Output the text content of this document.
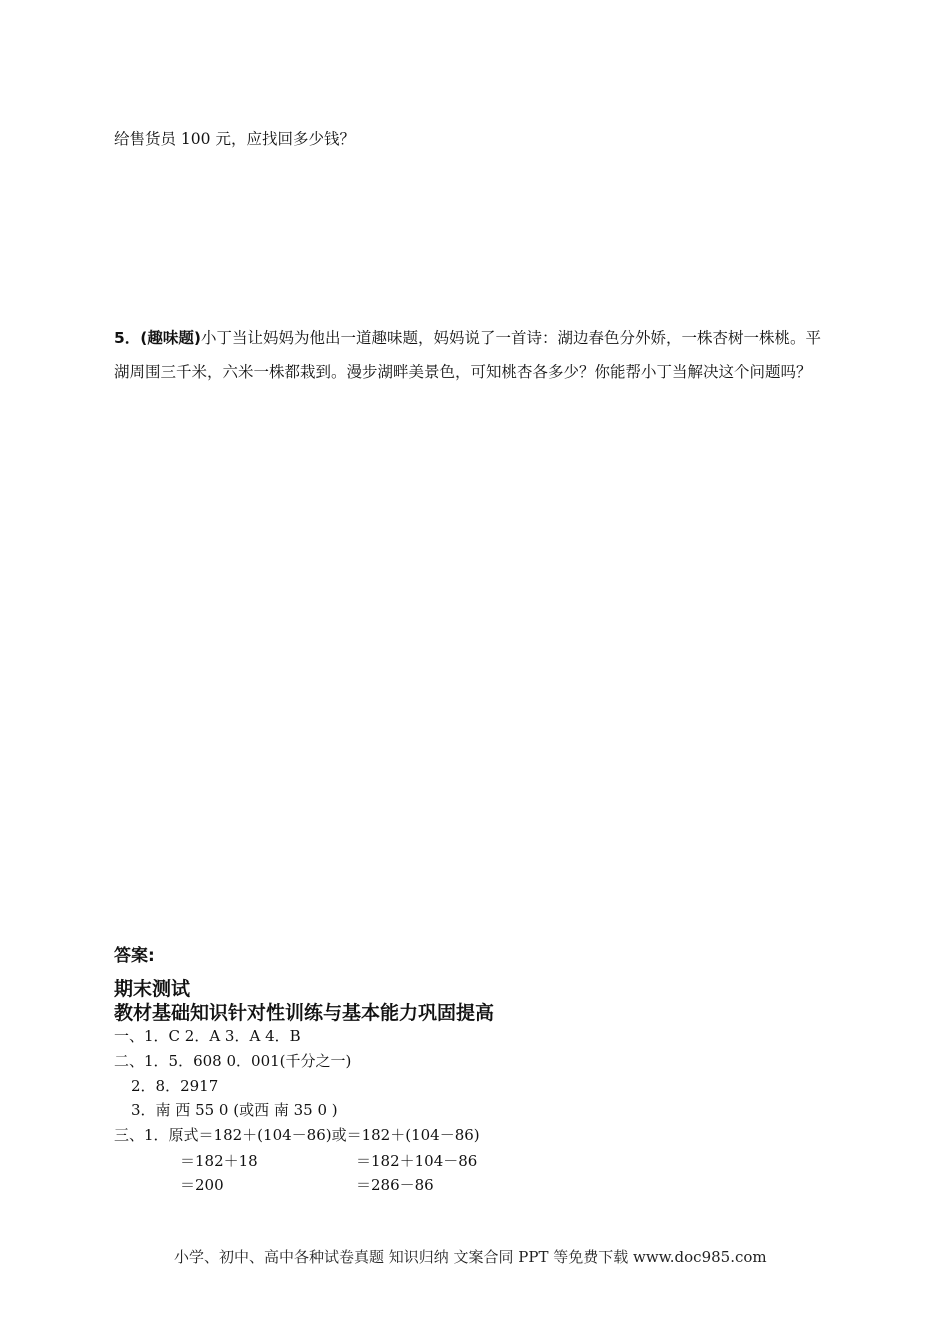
给售货员 100 元，应找回多少钱？
5．(趣味题)小丁当让妈妈为他出一道趣味题，妈妈说了一首诗：湖边春色分外娇，一株杏树一株桃。平湖周围三千米，六米一株都栽到。漫步湖畔美景色，可知桃杏各多少？你能帮小丁当解决这个问题吗？
答案:
期末测试
教材基础知识针对性训练与基本能力巩固提高
一、1．C 2．A 3．A 4．B
二、1．5．608 0．001(千分之一)
2．8．2917
3．南 西 55 0 (或西 南 35 0 )
三、1．原式＝182＋(104－86)或＝182＋(104－86)
＝182＋18	＝182＋104－86
＝200	＝286－86
小学、初中、高中各种试卷真题 知识归纳 文案合同 PPT 等免费下载 www.doc985.com
